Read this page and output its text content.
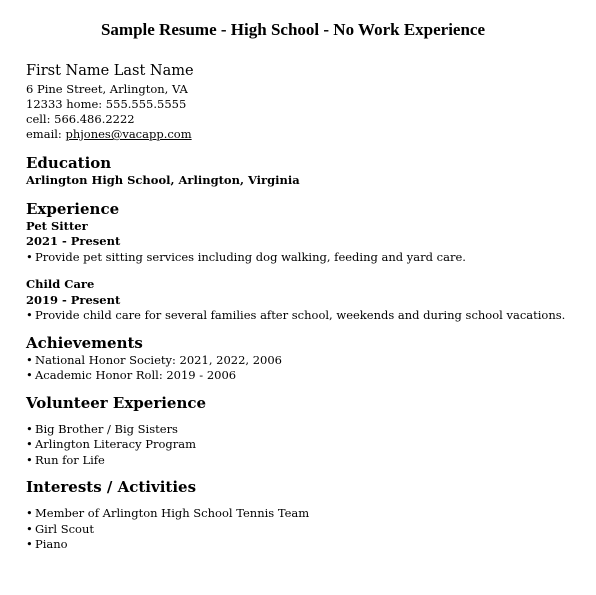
Sample Resume - High School - No Work Experience

First Name Last Name

6 Pine Street, Arlington, VA

12333 home: 555.555.5555

cell: 566.486.2222

email: phjones@vacapp.com

Education

Arlington High School, Arlington, Virginia

Experience

Pet Sitter

2021 - Present

• Provide pet sitting services including dog walking, feeding and yard care.

Child Care

2019 - Present

• Provide child care for several families after school, weekends and during school vacations.

Achievements

• National Honor Society: 2021, 2022, 2006

• Academic Honor Roll: 2019 - 2006

Volunteer Experience

• Big Brother / Big Sisters

• Arlington Literacy Program

• Run for Life

Interests / Activities

• Member of Arlington High School Tennis Team

• Girl Scout

• Piano
